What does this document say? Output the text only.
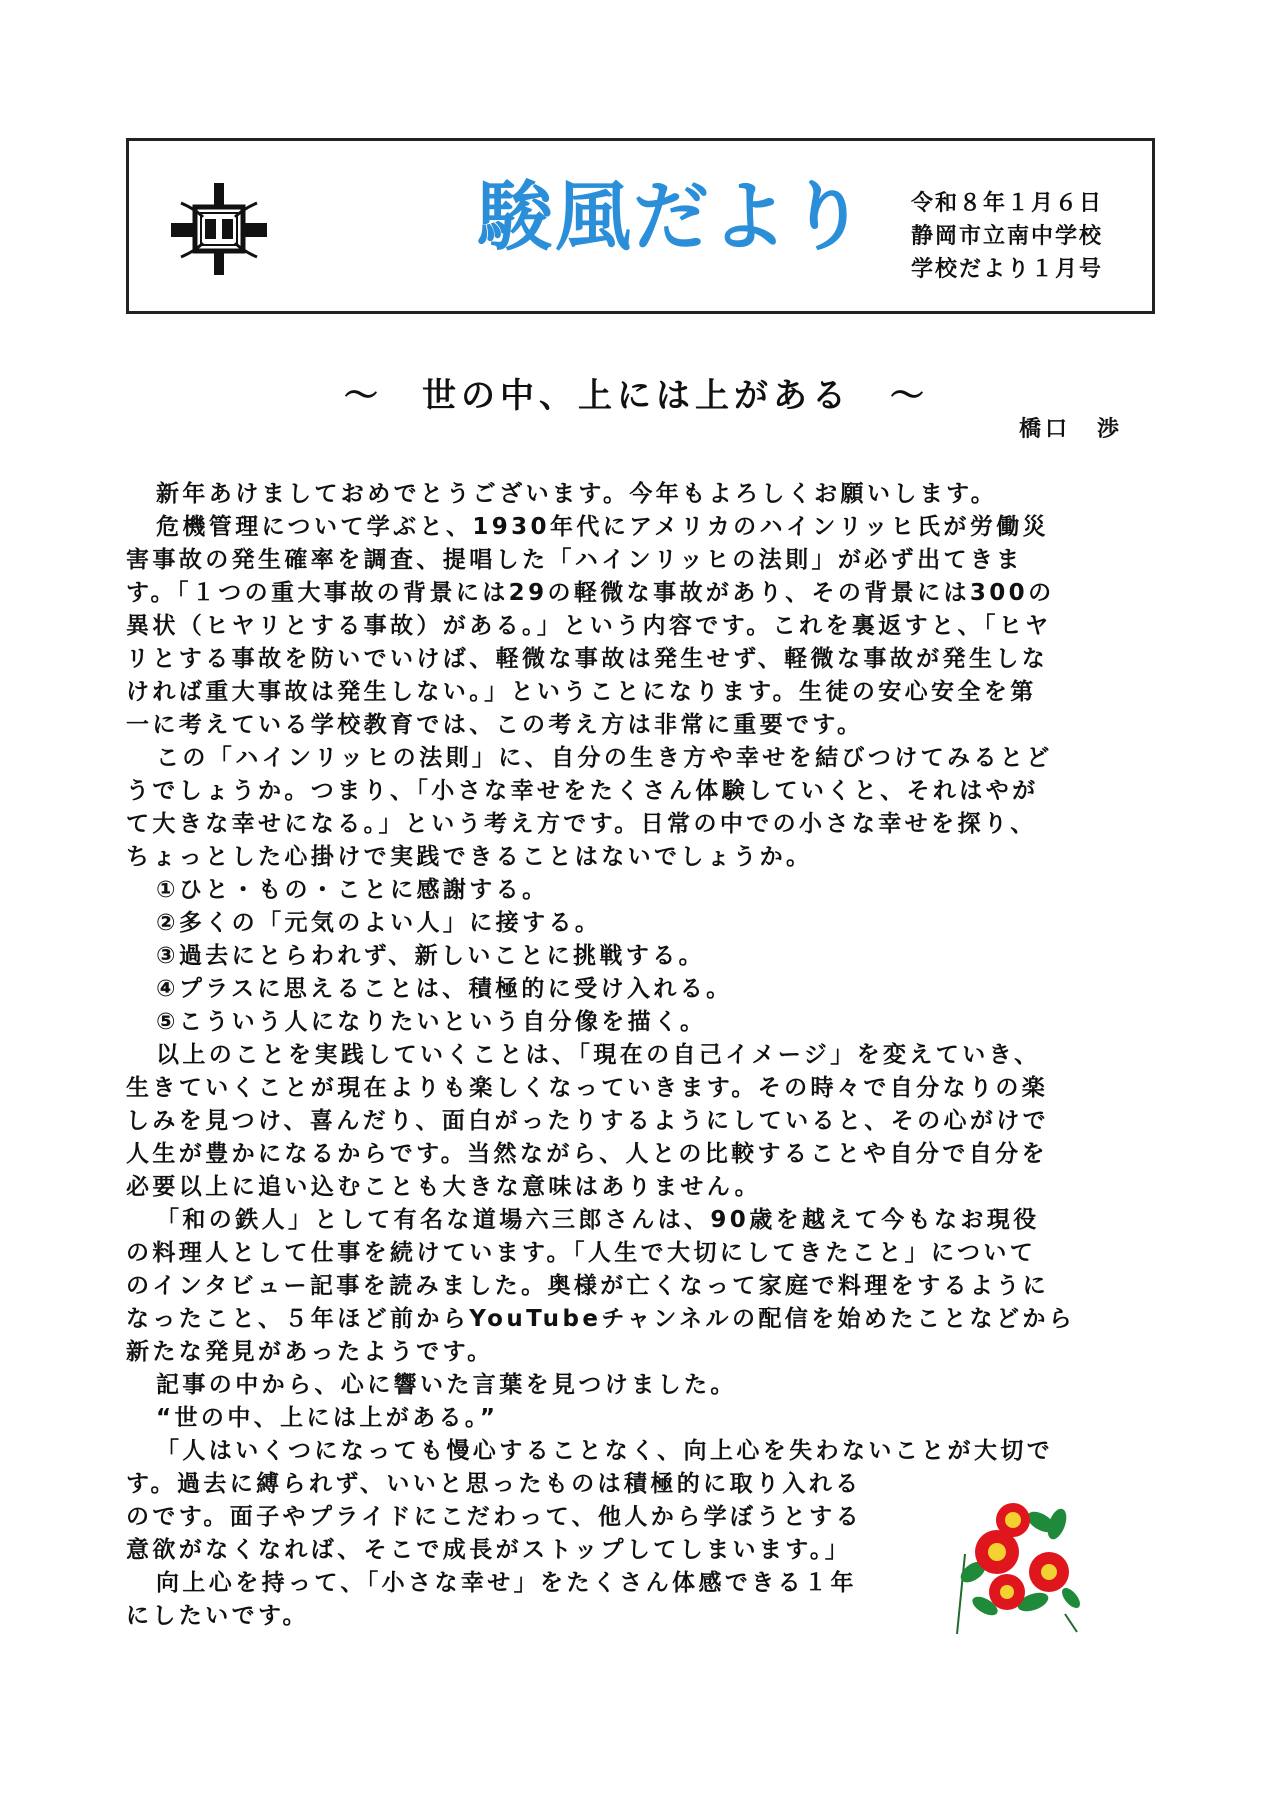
駿風だより 令和８年１月６日
静岡市立南中学校
学校だより１月号
～　世の中、上には上がある　～
橋口　渉
新年あけましておめでとうございます。今年もよろしくお願いします。
危機管理について学ぶと、1930年代にアメリカのハインリッヒ氏が労働災
害事故の発生確率を調査、提唱した「ハインリッヒの法則」が必ず出てきま
す。「１つの重大事故の背景には29の軽微な事故があり、その背景には300の
異状（ヒヤリとする事故）がある。」という内容です。これを裏返すと、「ヒヤ
リとする事故を防いでいけば、軽微な事故は発生せず、軽微な事故が発生しな
ければ重大事故は発生しない。」ということになります。生徒の安心安全を第
一に考えている学校教育では、この考え方は非常に重要です。
この「ハインリッヒの法則」に、自分の生き方や幸せを結びつけてみるとど
うでしょうか。つまり、「小さな幸せをたくさん体験していくと、それはやが
て大きな幸せになる。」という考え方です。日常の中での小さな幸せを探り、
ちょっとした心掛けで実践できることはないでしょうか。
①ひと・もの・ことに感謝する。
②多くの「元気のよい人」に接する。
③過去にとらわれず、新しいことに挑戦する。
④プラスに思えることは、積極的に受け入れる。
⑤こういう人になりたいという自分像を描く。
以上のことを実践していくことは、「現在の自己イメージ」を変えていき、
生きていくことが現在よりも楽しくなっていきます。その時々で自分なりの楽
しみを見つけ、喜んだり、面白がったりするようにしていると、その心がけで
人生が豊かになるからです。当然ながら、人との比較することや自分で自分を
必要以上に追い込むことも大きな意味はありません。
「和の鉄人」として有名な道場六三郎さんは、90歳を越えて今もなお現役
の料理人として仕事を続けています。「人生で大切にしてきたこと」について
のインタビュー記事を読みました。奥様が亡くなって家庭で料理をするように
なったこと、５年ほど前からYouTubeチャンネルの配信を始めたことなどから
新たな発見があったようです。
記事の中から、心に響いた言葉を見つけました。
“世の中、上には上がある。”
「人はいくつになっても慢心することなく、向上心を失わないことが大切で
す。過去に縛られず、いいと思ったものは積極的に取り入れる
のです。面子やプライドにこだわって、他人から学ぼうとする
意欲がなくなれば、そこで成長がストップしてしまいます。」
向上心を持って、「小さな幸せ」をたくさん体感できる１年
にしたいです。
